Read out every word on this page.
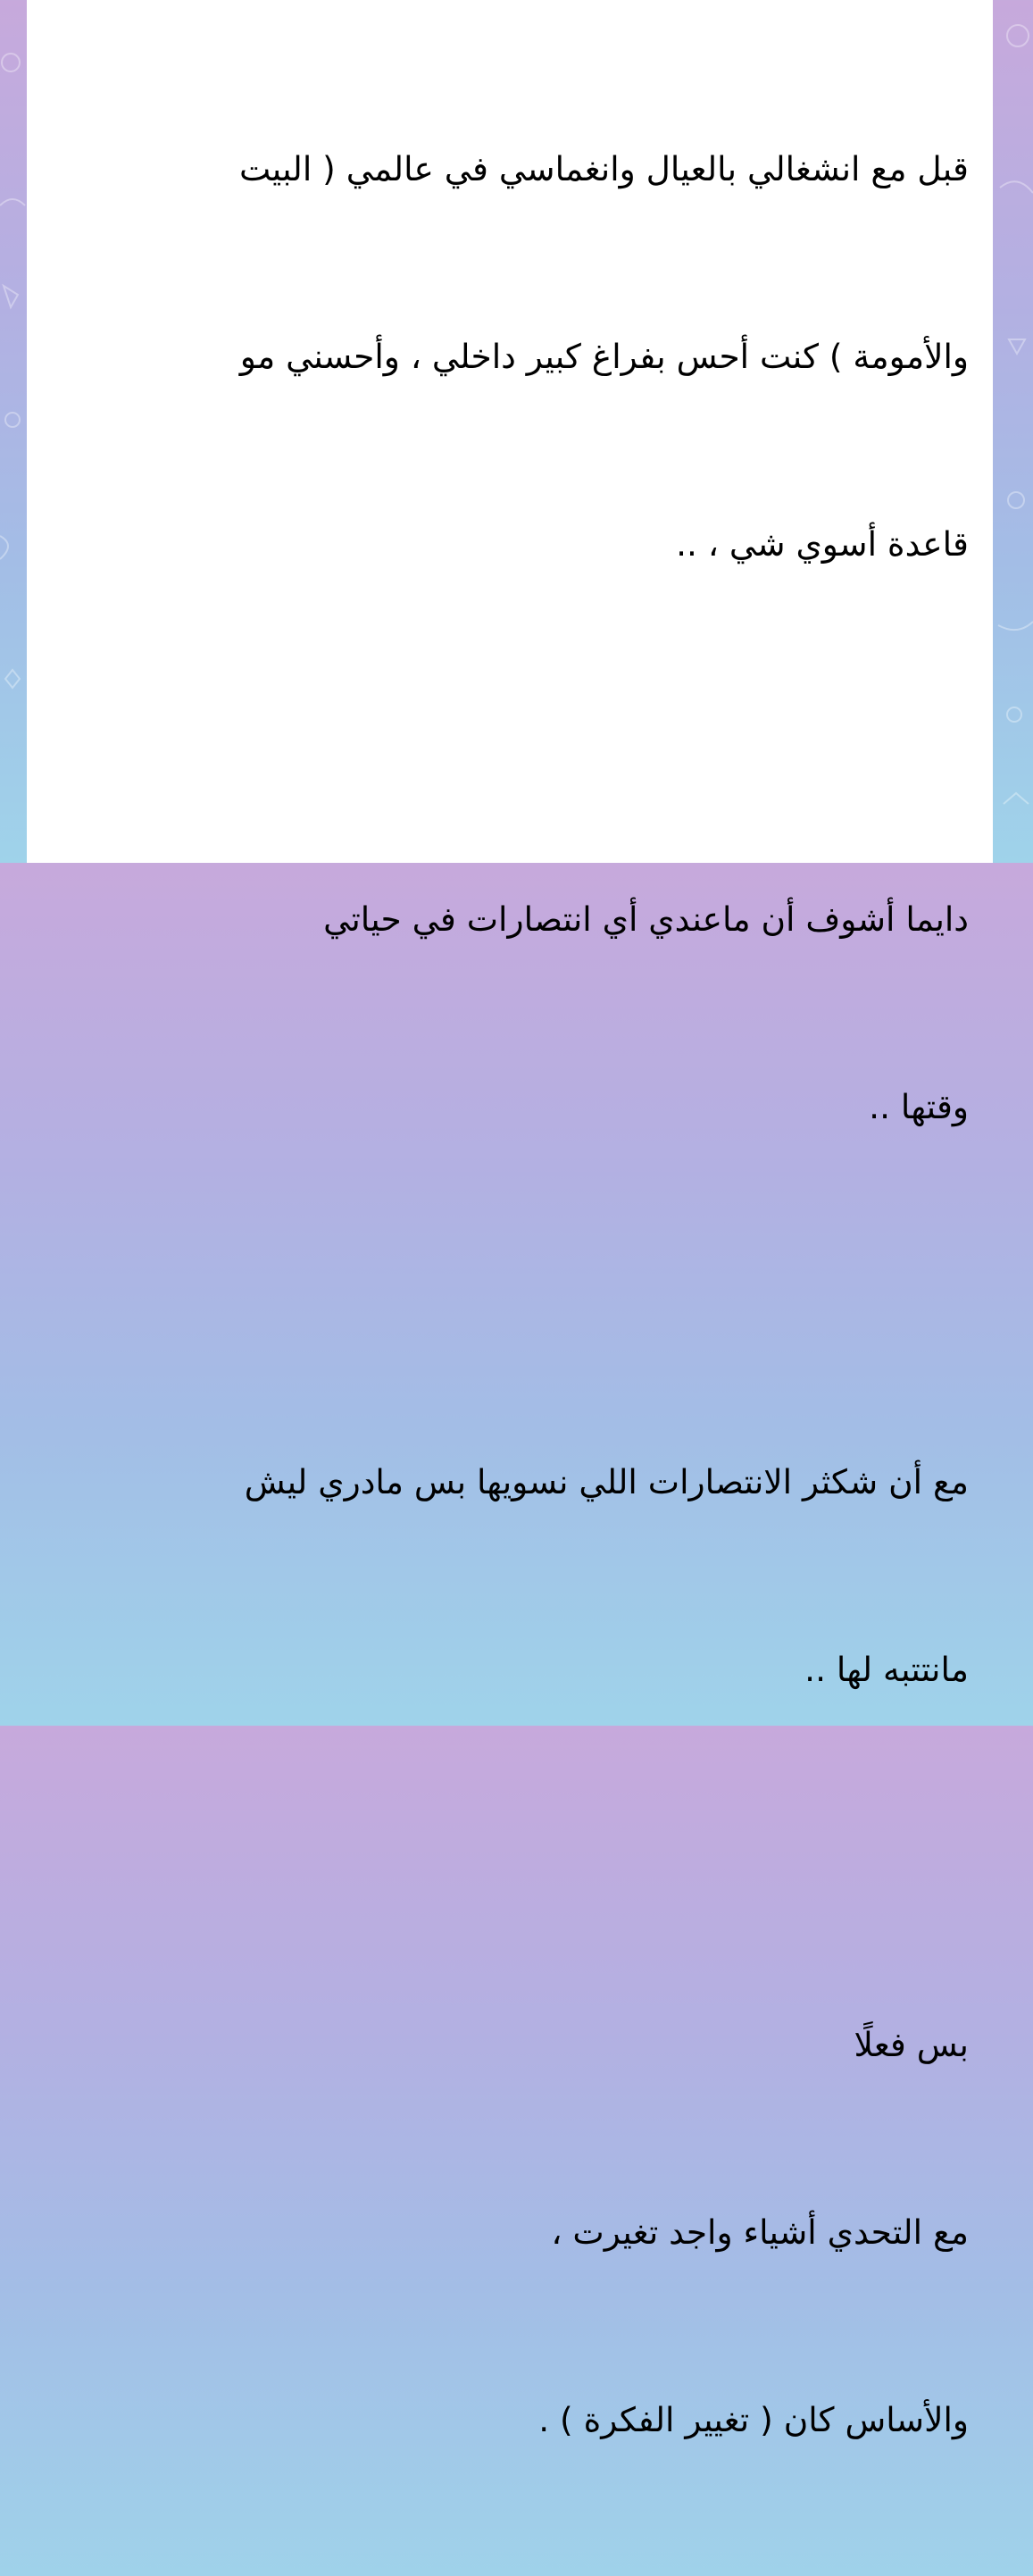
قبل مع انشغالي بالعيال وانغماسي في عالمي ( البيت

والأمومة ) كنت أحس بفراغ كبير داخلي ، وأحسني مو

قاعدة أسوي شي ، ..

دايما أشوف أن ماعندي أي انتصارات في حياتي

وقتها ..

مع أن شكثر الانتصارات اللي نسويها بس مادري ليش

مانتتبه لها ..

بس فعلًا

مع التحدي أشياء واجد تغيرت ،

والأساس كان ( تغيير الفكرة ) .
